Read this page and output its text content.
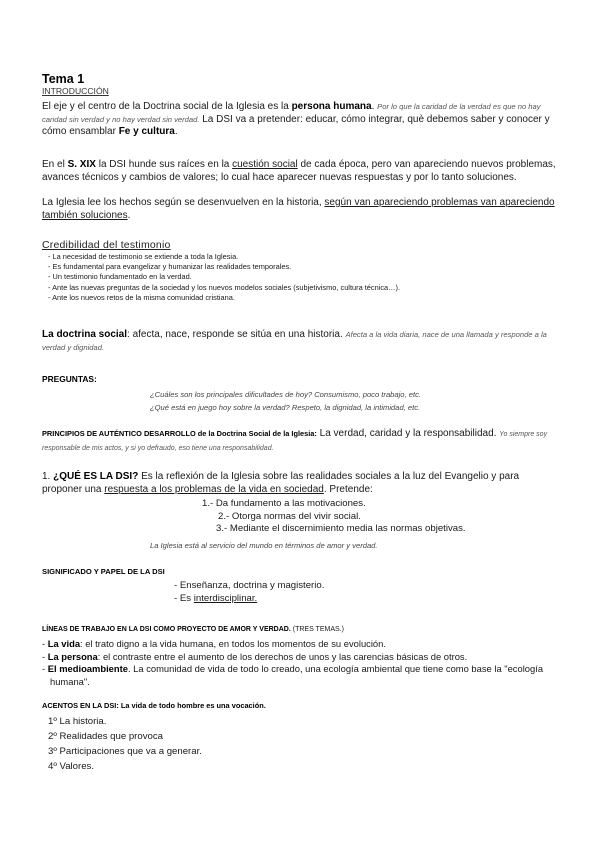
Tema 1
INTRODUCCIÓN
El eje y el centro de la Doctrina social de la Iglesia es la persona humana. Por lo que la caridad de la verdad es que no hay caridad sin verdad y no hay verdad sin verdad. La DSI va a pretender: educar, cómo integrar, què debemos saber y conocer y cómo ensamblar Fe y cultura.
En el S. XIX la DSI hunde sus raíces en la cuestión social de cada época, pero van apareciendo nuevos problemas, avances técnicos y cambios de valores; lo cual hace aparecer nuevas respuestas y por lo tanto soluciones.
La Iglesia lee los hechos según se desenvuelven en la historia, según van apareciendo problemas van apareciendo también soluciones.
Credibilidad del testimonio
- La necesidad de testimonio se extiende a toda la Iglesia.
- Es fundamental para evangelizar y humanizar las realidades temporales.
- Un testimonio fundamentado en la verdad.
- Ante las nuevas preguntas de la sociedad y los nuevos modelos sociales (subjetivismo, cultura técnica…).
- Ante los nuevos retos de la misma comunidad cristiana.
La doctrina social: afecta, nace, responde se sitúa en una historia. Afecta a la vida diaria, nace de una llamada y responde a la verdad y dignidad.
PREGUNTAS:
¿Cuáles son los principales dificultades de hoy? Consumismo, poco trabajo, etc.
¿Qué está en juego hoy sobre la verdad? Respeto, la dignidad, la intimidad, etc.
PRINCIPIOS DE AUTÉNTICO DESARROLLO de la Doctrina Social de la Iglesia: La verdad, caridad y la responsabilidad. Yo siempre soy responsable de mis actos, y si yo defraudo, eso tiene una responsabilidad.
1. ¿QUÉ ES LA DSI? Es la reflexión de la Iglesia sobre las realidades sociales a la luz del Evangelio y para proponer una respuesta a los problemas de la vida en sociedad. Pretende:
1.- Da fundamento a las motivaciones.
2.- Otorga normas del vivir social.
3.- Mediante el discernimiento media las normas objetivas.
La Iglesia está al servicio del mundo en términos de amor y verdad.
SIGNIFICADO Y PAPEL DE LA DSI
- Enseñanza, doctrina y magisterio.
- Es interdisciplinar.
LÍNEAS DE TRABAJO EN LA DSI COMO PROYECTO DE AMOR Y VERDAD. (TRES TEMAS.)
- La vida: el trato digno a la vida humana, en todos los momentos de su evolución.
- La persona: el contraste entre el aumento de los derechos de unos y las carencias básicas de otros.
- El medioambiente. La comunidad de vida de todo lo creado, una ecología ambiental que tiene como base la "ecología humana".
ACENTOS EN LA DSI: La vida de todo hombre es una vocación.
1º La historia.
2º Realidades que provoca
3º Participaciones que va a generar.
4º Valores.
